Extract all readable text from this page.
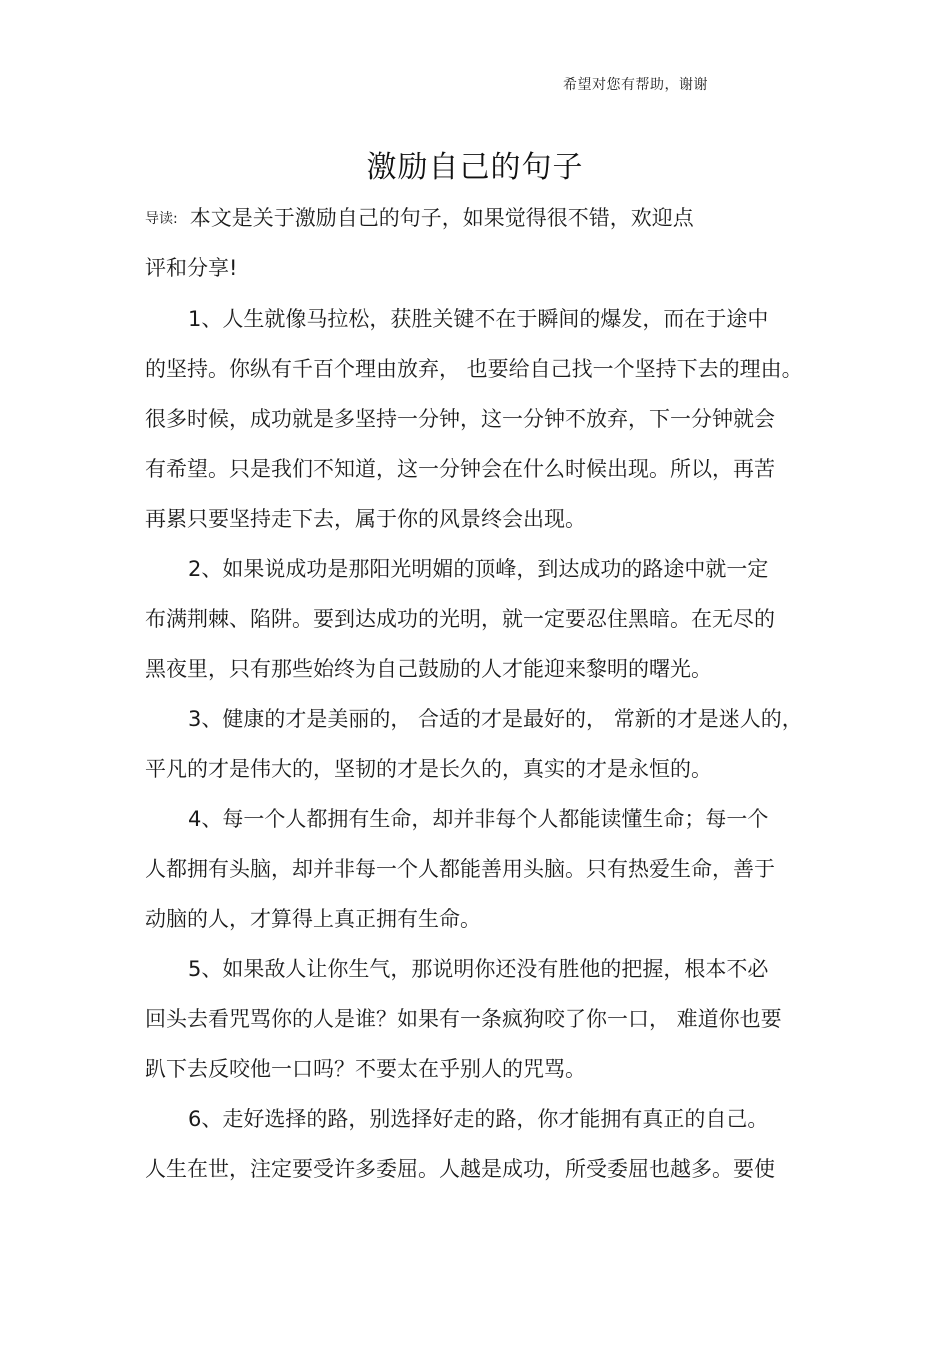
希望对您有帮助，谢谢
激励自己的句子
导读: 本文是关于激励自己的句子，如果觉得很不错，欢迎点
评和分享!
1、人生就像马拉松，获胜关键不在于瞬间的爆发，而在于途中
的坚持。你纵有千百个理由放弃， 也要给自己找一个坚持下去的理由。
很多时候，成功就是多坚持一分钟，这一分钟不放弃，下一分钟就会
有希望。只是我们不知道，这一分钟会在什么时候出现。所以，再苦
再累只要坚持走下去，属于你的风景终会出现。
2、如果说成功是那阳光明媚的顶峰，到达成功的路途中就一定
布满荆棘、陷阱。要到达成功的光明，就一定要忍住黑暗。在无尽的
黑夜里，只有那些始终为自己鼓励的人才能迎来黎明的曙光。
3、健康的才是美丽的， 合适的才是最好的， 常新的才是迷人的，
平凡的才是伟大的，坚韧的才是长久的，真实的才是永恒的。
4、每一个人都拥有生命，却并非每个人都能读懂生命；每一个
人都拥有头脑，却并非每一个人都能善用头脑。只有热爱生命，善于
动脑的人，才算得上真正拥有生命。
5、如果敌人让你生气，那说明你还没有胜他的把握，根本不必
回头去看咒骂你的人是谁？如果有一条疯狗咬了你一口， 难道你也要
趴下去反咬他一口吗？不要太在乎别人的咒骂。
6、走好选择的路，别选择好走的路，你才能拥有真正的自己。
人生在世，注定要受许多委屈。人越是成功，所受委屈也越多。要使
